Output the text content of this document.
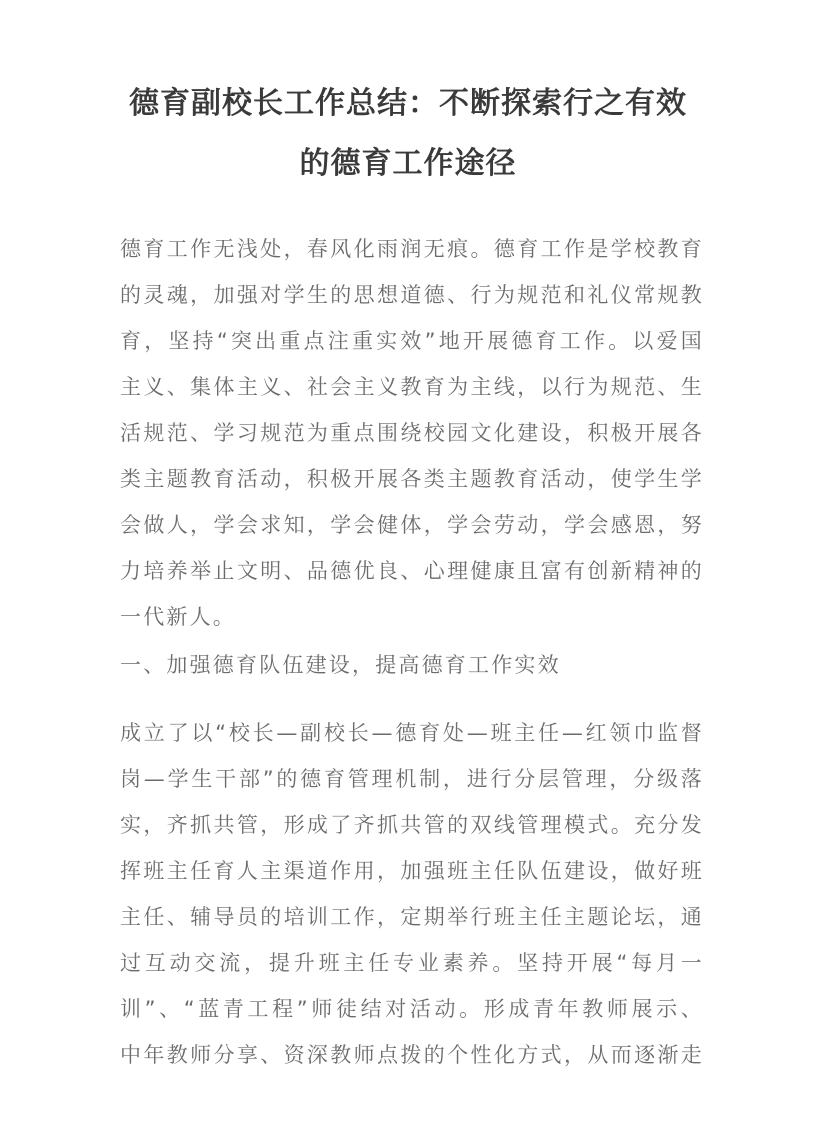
德育副校长工作总结：不断探索行之有效
的德育工作途径
德育工作无浅处，春风化雨润无痕。德育工作是学校教育
的灵魂，加强对学生的思想道德、行为规范和礼仪常规教
育，坚持“突出重点注重实效”地开展德育工作。以爱国
主义、集体主义、社会主义教育为主线，以行为规范、生
活规范、学习规范为重点围绕校园文化建设，积极开展各
类主题教育活动，积极开展各类主题教育活动，使学生学
会做人，学会求知，学会健体，学会劳动，学会感恩，努
力培养举止文明、品德优良、心理健康且富有创新精神的
一代新人。
一、加强德育队伍建设，提高德育工作实效
成立了以“校长—副校长—德育处—班主任—红领巾监督
岗—学生干部”的德育管理机制，进行分层管理，分级落
实，齐抓共管，形成了齐抓共管的双线管理模式。充分发
挥班主任育人主渠道作用，加强班主任队伍建设，做好班
主任、辅导员的培训工作，定期举行班主任主题论坛，通
过互动交流，提升班主任专业素养。坚持开展“每月一
训”、“蓝青工程”师徒结对活动。形成青年教师展示、
中年教师分享、资深教师点拨的个性化方式，从而逐渐走
